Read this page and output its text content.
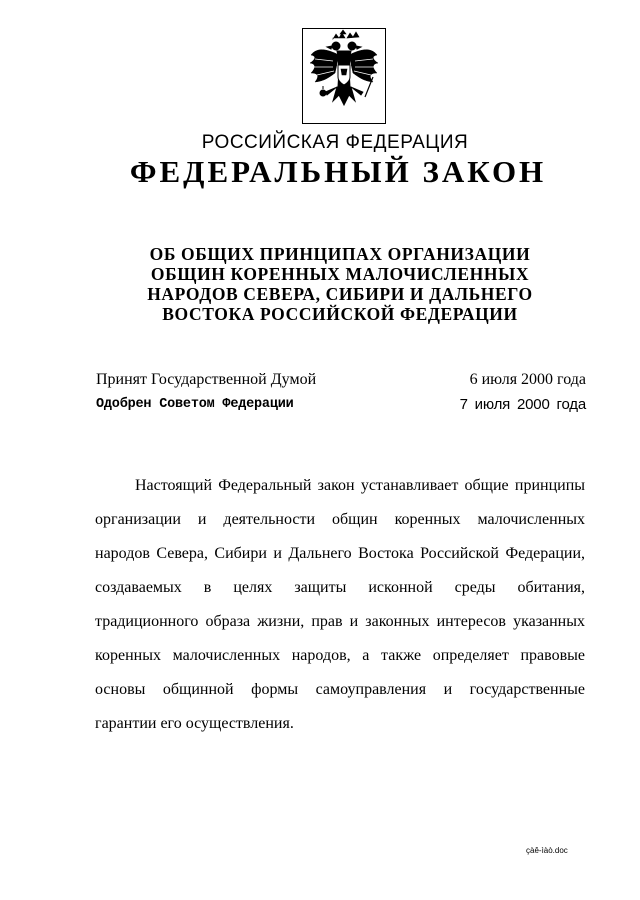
РОССИЙСКАЯ ФЕДЕРАЦИЯ
ФЕДЕРАЛЬНЫЙ ЗАКОН
ОБ ОБЩИХ ПРИНЦИПАХ ОРГАНИЗАЦИИ
ОБЩИН КОРЕННЫХ МАЛОЧИСЛЕННЫХ
НАРОДОВ СЕВЕРА, СИБИРИ И ДАЛЬНЕГО
ВОСТОКА РОССИЙСКОЙ ФЕДЕРАЦИИ
Принят Государственной Думой	6 июля 2000 года
Одобрен Советом Федерации	7 июля 2000 года
Настоящий Федеральный закон устанавливает общие принципы
организации и деятельности общин коренных малочисленных
народов Севера, Сибири и Дальнего Востока Российской Федерации,
создаваемых в целях защиты исконной среды обитания,
традиционного образа жизни, прав и законных интересов указанных
коренных малочисленных народов, а также определяет правовые
основы общинной формы самоуправления и государственные
гарантии его осуществления.
çàê-ìàò.doc
